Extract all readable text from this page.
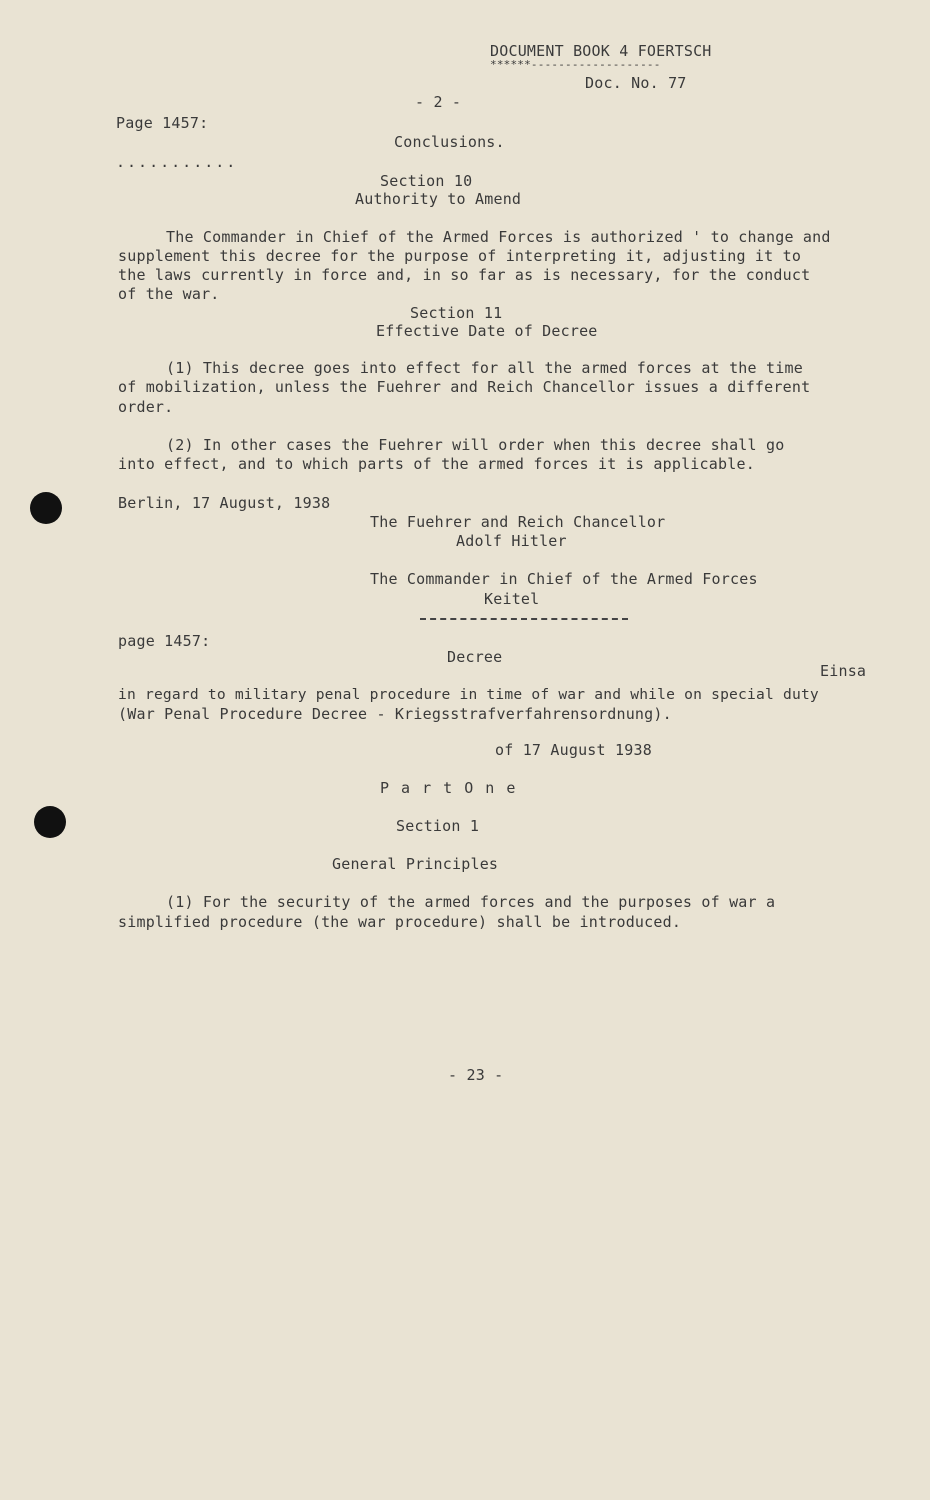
DOCUMENT BOOK 4 FOERTSCH
******-------------------
Doc. No. 77
- 2 -
Page 1457:
Conclusions.
...........
Section 10
Authority to Amend
The Commander in Chief of the Armed Forces is authorized ' to change and
supplement this decree for the purpose of interpreting it, adjusting it to
the laws currently in force and, in so far as is necessary, for the conduct
of the war.
Section 11
Effective Date of Decree
(1) This decree goes into effect for all the armed forces at the time
of mobilization, unless the Fuehrer and Reich Chancellor issues a different
order.
(2) In other cases the Fuehrer will order when this decree shall go
into effect, and to which parts of the armed forces it is applicable.
Berlin, 17 August, 1938
The Fuehrer and Reich Chancellor
Adolf Hitler
The Commander in Chief of the Armed Forces
Keitel
page 1457:
Decree
Einsa
in regard to military penal procedure in time of war and while on special duty
(War Penal Procedure Decree - Kriegsstrafverfahrensordnung).
of 17 August 1938
P a r t O n e
Section 1
General Principles
(1) For the security of the armed forces and the purposes of war a
simplified procedure (the war procedure) shall be introduced.
- 23 -
